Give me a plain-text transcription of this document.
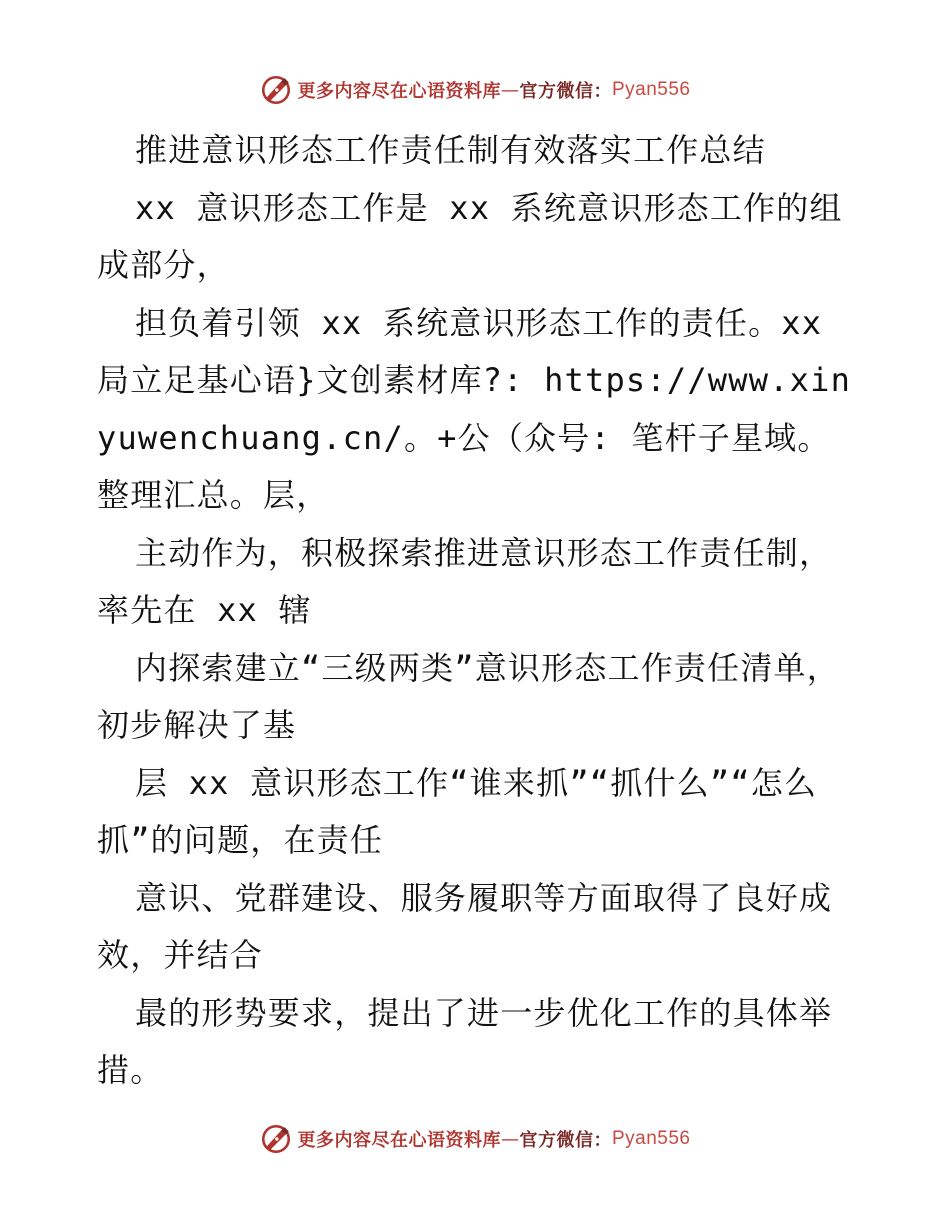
更多内容尽在心语资料库 — 官方微信： Pyan556

推进意识形态工作责任制有效落实工作总结

xx 意识形态工作是 xx 系统意识形态工作的组成部分，

担负着引领 xx 系统意识形态工作的责任。xx 局立足基心语}文创素材库?: https://www.xinyuwenchuang.cn/。+公（众号: 笔杆子星域。整理汇总。层，

主动作为，积极探索推进意识形态工作责任制，率先在 xx 辖

内探索建立“三级两类”意识形态工作责任清单，初步解决了基

层 xx 意识形态工作“谁来抓”“抓什么”“怎么抓”的问题，在责任

意识、党群建设、服务履职等方面取得了良好成效，并结合

最的形势要求，提出了进一步优化工作的具体举措。

更多内容尽在心语资料库 — 官方微信： Pyan556
